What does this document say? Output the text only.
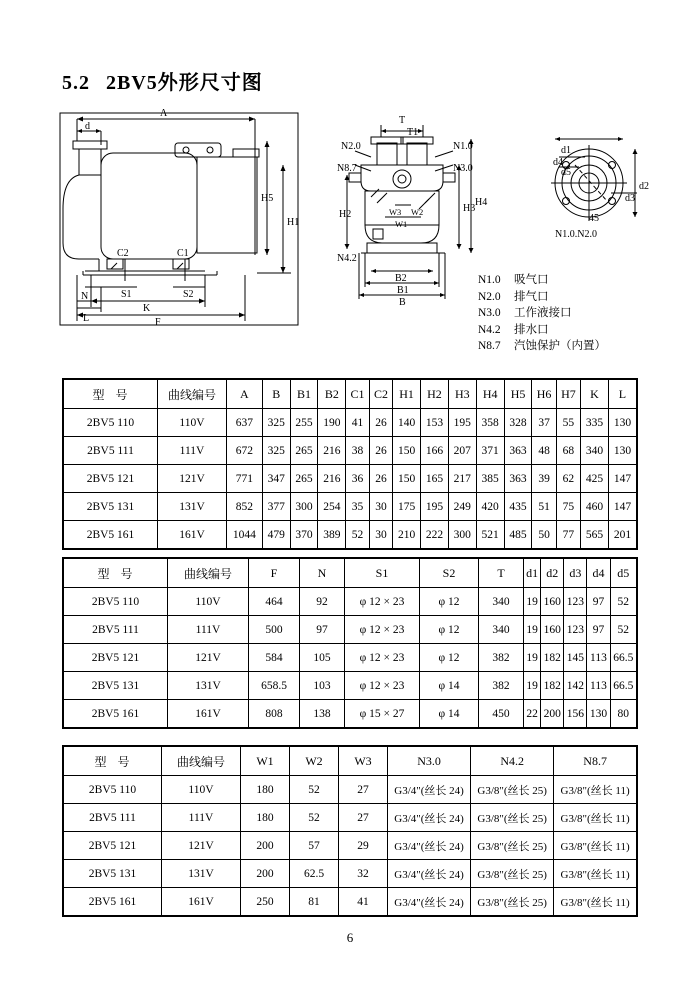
5.2 2BV5外形尺寸图
d
A
H5
H1
C2	C1
S1	S2
N
K
F
L
T
T1
N2.0	N1.0
N8.7	N3.0
N4.2
H2
H3
H4
W3 W2
W1
B2
B1
B
d1
d2
d3
d4
d5
45
N1.0.N2.0
N1.0 吸气口
N2.0 排气口
N3.0 工作液接口
N4.2 排水口
N8.7 汽蚀保护（内置）
型 号	曲线编号	A	B	B1	B2	C1	C2	H1	H2	H3	H4	H5	H6	H7	K	L
2BV5 110	110V	637	325	255	190	41	26	140	153	195	358	328	37	55	335	130
2BV5 111	111V	672	325	265	216	38	26	150	166	207	371	363	48	68	340	130
2BV5 121	121V	771	347	265	216	36	26	150	165	217	385	363	39	62	425	147
2BV5 131	131V	852	377	300	254	35	30	175	195	249	420	435	51	75	460	147
2BV5 161	161V	1044	479	370	389	52	30	210	222	300	521	485	50	77	565	201
型 号	曲线编号	F	N	S1	S2	T	d1	d2	d3	d4	d5
2BV5 110	110V	464	92	φ 12 × 23	φ 12	340	19	160	123	97	52
2BV5 111	111V	500	97	φ 12 × 23	φ 12	340	19	160	123	97	52
2BV5 121	121V	584	105	φ 12 × 23	φ 12	382	19	182	145	113	66.5
2BV5 131	131V	658.5	103	φ 12 × 23	φ 14	382	19	182	142	113	66.5
2BV5 161	161V	808	138	φ 15 × 27	φ 14	450	22	200	156	130	80
型 号	曲线编号	W1	W2	W3	N3.0	N4.2	N8.7
2BV5 110	110V	180	52	27	G3/4"(丝长 24)	G3/8"(丝长 25)	G3/8"(丝长 11)
2BV5 111	111V	180	52	27	G3/4"(丝长 24)	G3/8"(丝长 25)	G3/8"(丝长 11)
2BV5 121	121V	200	57	29	G3/4"(丝长 24)	G3/8"(丝长 25)	G3/8"(丝长 11)
2BV5 131	131V	200	62.5	32	G3/4"(丝长 24)	G3/8"(丝长 25)	G3/8"(丝长 11)
2BV5 161	161V	250	81	41	G3/4"(丝长 24)	G3/8"(丝长 25)	G3/8"(丝长 11)
6
